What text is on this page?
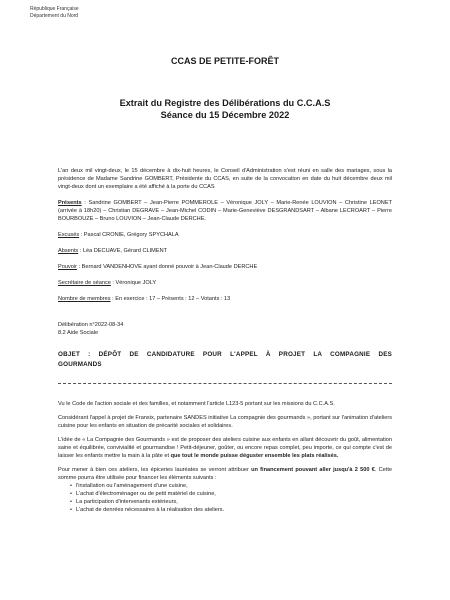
République Française
Département du Nord
CCAS DE PETITE-FORÊT
Extrait du Registre des Délibérations du C.C.A.S
Séance du 15 Décembre 2022
L'an deux mil vingt-deux, le 15 décembre à dix-huit heures, le Conseil d'Administration s'est réuni en salle des mariages, sous la présidence de Madame Sandrine GOMBERT, Présidente du CCAS, en suite de la convocation en date du huit décembre deux mil vingt-deux dont un exemplaire a été affiché à la porte du CCAS
Présents : Sandrine GOMBERT – Jean-Pierre POMMEROLE – Véronique JOLY – Marie-Renée LOUVION – Christine LEONET (arrivée à 18h20) – Christian DEGRAVE – Jean-Michel CODIN – Marie-Geneviève DESGRANDSART – Albane LECROART – Pierre BOURBOUZE – Bruno LOUVION – Jean-Claude DERCHE.
Excusés : Pascal CRONIE, Grégory SPYCHALA
Absents : Léa DECUAVE, Gérard CLIMENT
Pouvoir : Bernard VANDENHOVE ayant donné pouvoir à Jean-Claude DERCHE
Secrétaire de séance : Véronique JOLY
Nombre de membres : En exercice : 17 – Présents : 12 – Votants : 13
Délibération n°2022-08-34
8.2 Aide Sociale
OBJET : DÉPÔT DE CANDIDATURE POUR L'APPEL À PROJET LA COMPAGNIE DES GOURMANDS
Vu le Code de l'action sociale et des familles, et notamment l'article L123-5 portant sur les missions du C.C.A.S.
Considérant l'appel à projet de Fransix, partenaire SANDES initiative La compagnie des gourmands », portant sur l'animation d'ateliers cuisine pour les enfants en situation de précarité sociales et solidaires.
L'idée de « La Compagnie des Gourmands » est de proposer des ateliers cuisine aux enfants en allant découvrir du goût, alimentation saine et équilibrée, convivialité et gourmandise ! Petit-déjeuner, goûter, ou encore repas complet, peu importe, ce qui compte c'est de laisser les enfants mettre la main à la pâte et que tout le monde puisse déguster ensemble les plats réalisés.
Pour mener à bien ces ateliers, les épiceries lauréates se verront attribuer un financement pouvant aller jusqu'à 2 500 €. Cette somme pourra être utilisée pour financer les éléments suivants :
• l'installation ou l'aménagement d'une cuisine,
• L'achat d'électroménager ou de petit matériel de cuisine,
• La participation d'intervenants extérieurs,
• L'achat de denrées nécessaires à la réalisation des ateliers.
